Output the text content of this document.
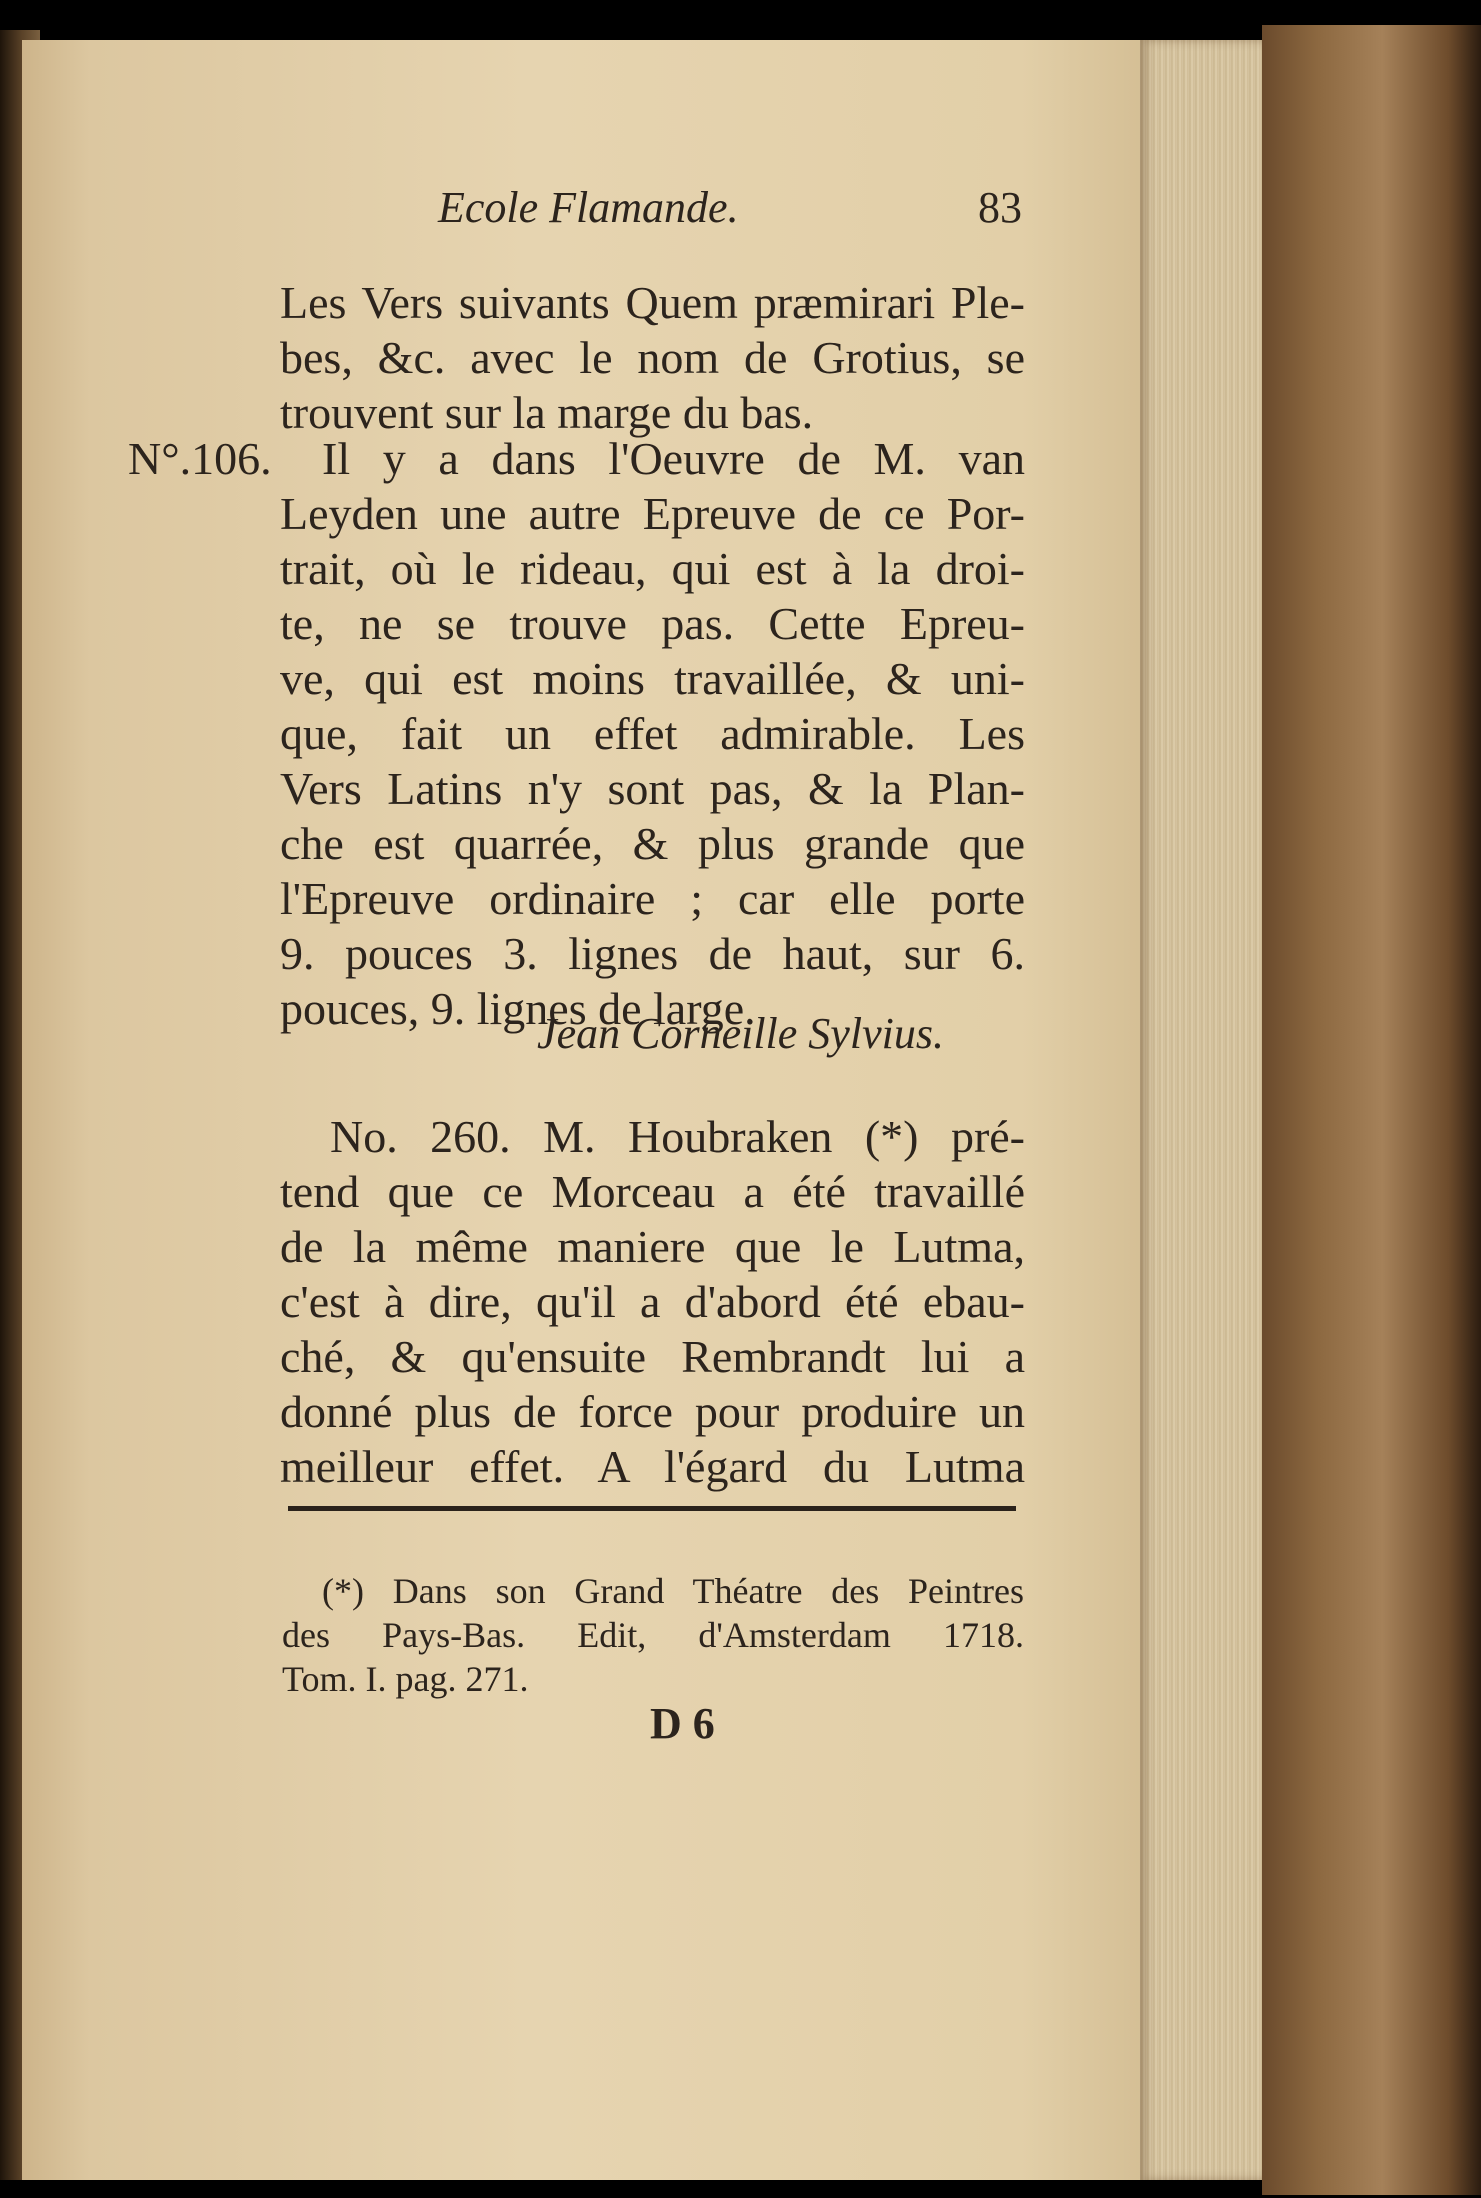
Ecole Flamande.	83
Les Vers suivants Quem præmirari Ple-
bes, &c. avec le nom de Grotius, se
trouvent sur la marge du bas.
N°.106. Il y a dans l'Oeuvre de M. van
Leyden une autre Epreuve de ce Por-
trait, où le rideau, qui est à la droi-
te, ne se trouve pas. Cette Epreu-
ve, qui est moins travaillée, & uni-
que, fait un effet admirable. Les
Vers Latins n'y sont pas, & la Plan-
che est quarrée, & plus grande que
l'Epreuve ordinaire ; car elle porte
9. pouces 3. lignes de haut, sur 6.
pouces, 9. lignes de large.
Jean Corneille Sylvius.
No. 260. M. Houbraken (*) pré-
tend que ce Morceau a été travaillé
de la même maniere que le Lutma,
c'est à dire, qu'il a d'abord été ebau-
ché, & qu'ensuite Rembrandt lui a
donné plus de force pour produire un
meilleur effet. A l'égard du Lutma
(*) Dans son Grand Théatre des Peintres
des Pays-Bas. Edit, d'Amsterdam 1718.
Tom. I. pag. 271.
D 6
